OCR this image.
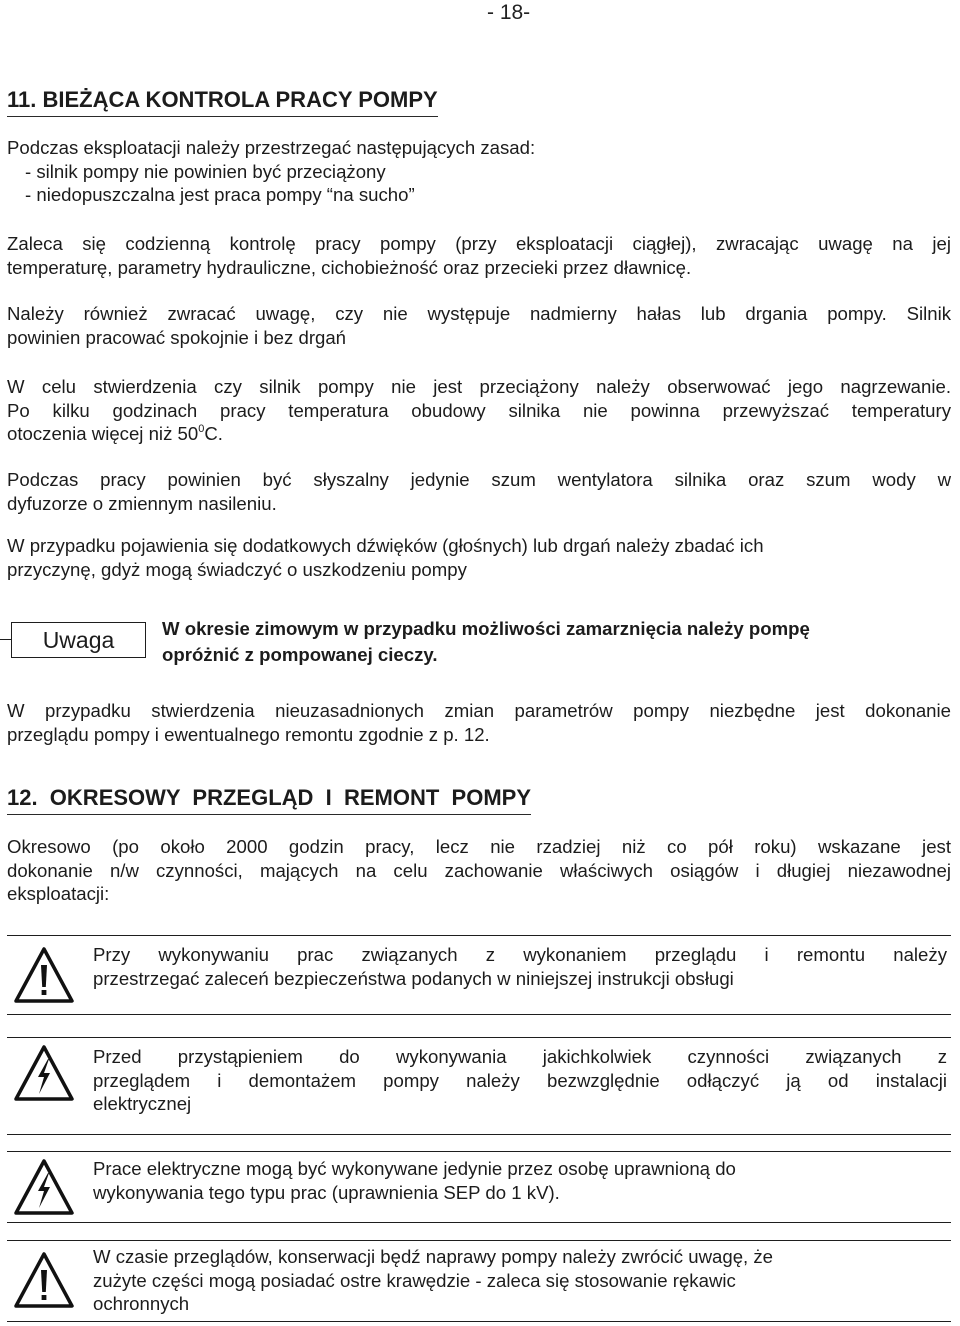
- 18-
11. BIEŻĄCA KONTROLA PRACY POMPY

Podczas eksploatacji należy przestrzegać następujących zasad:

- silnik pompy nie powinien być przeciążony

- niedopuszczalna jest praca pompy “na sucho”

Zaleca się codzienną kontrolę pracy pompy (przy eksploatacji ciągłej), zwracając uwagę na jej

temperaturę, parametry hydrauliczne, cichobieżność oraz przecieki przez dławnicę.

Należy również zwracać uwagę, czy nie występuje nadmierny hałas lub drgania pompy. Silnik

powinien pracować spokojnie i bez drgań

W celu stwierdzenia czy silnik pompy nie jest przeciążony należy obserwować jego nagrzewanie.

Po kilku godzinach pracy temperatura obudowy silnika nie powinna przewyższać temperatury

otoczenia więcej niż $50^0C$.

Podczas pracy powinien być słyszalny jedynie szum wentylatora silnika oraz szum wody w

dyfuzorze o zmiennym nasileniu.

W przypadku pojawienia się dodatkowych dźwięków (głośnych) lub drgań należy zbadać ich

przyczynę, gdyż mogą świadczyć o uszkodzeniu pompy

Uwaga	W okresie zimowym w przypadku możliwości zamarznięcia należy pompę
opróżnić z pompowanej cieczy.

W przypadku stwierdzenia nieuzasadnionych zmian parametrów pompy niezbędne jest dokonanie

przeglądu pompy i ewentualnego remontu zgodnie z p. 12.

12.  OKRESOWY  PRZEGLĄD  I  REMONT  POMPY

Okresowo (po około 2000 godzin pracy, lecz nie rzadziej niż co pół roku) wskazane jest

dokonanie n/w czynności, mających na celu zachowanie właściwych osiągów i długiej niezawodnej

eksploatacji:

Przy wykonywaniu prac związanych z wykonaniem przeglądu i remontu należy

przestrzegać zaleceń bezpieczeństwa podanych w niniejszej instrukcji obsługi

Przed przystąpieniem do wykonywania jakichkolwiek czynności związanych z

przeglądem i demontażem pompy należy bezwzględnie odłączyć ją od instalacji

elektrycznej

Prace elektryczne mogą być wykonywane jedynie przez osobę uprawnioną do

wykonywania tego typu prac (uprawnienia SEP do 1 kV).

W czasie przeglądów, konserwacji będź naprawy pompy należy zwrócić uwagę, że

zużyte części mogą posiadać ostre krawędzie - zaleca się stosowanie rękawic

ochronnych
